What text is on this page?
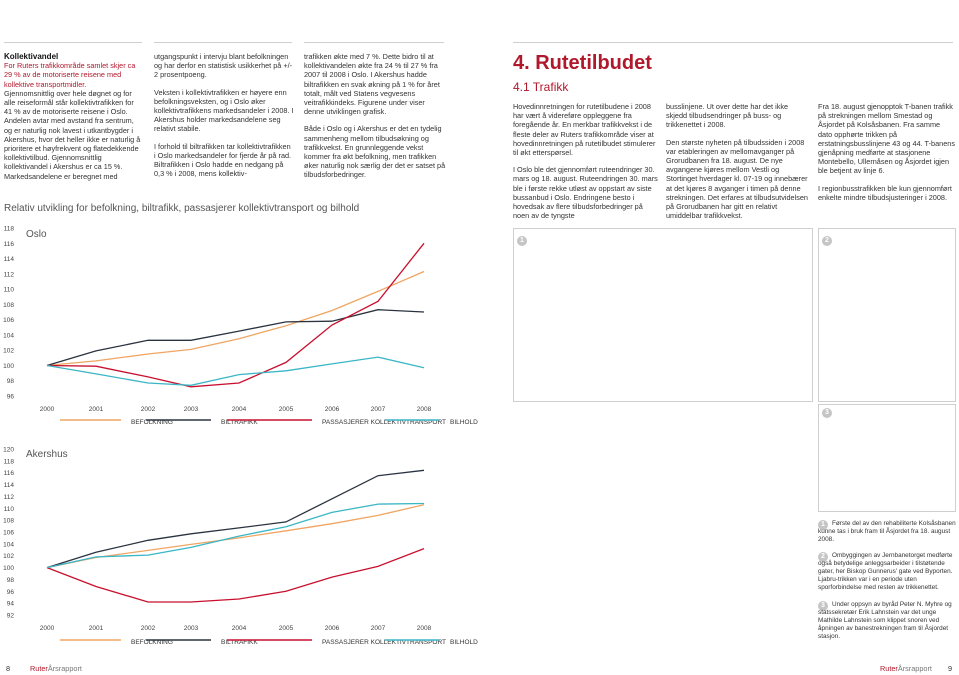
Kollektivandel
For Ruters trafikkområde samlet skjer ca 29 % av de motoriserte reisene med kollektive transportmidler.
Gjennomsnittlig over hele døgnet og for alle reiseformål står kollektivtrafikken for 41 % av de motoriserte reisene i Oslo. Andelen avtar med avstand fra sentrum, og er naturlig nok lavest i utkantbygder i Akershus, hvor det heller ikke er naturlig å prioritere et høyfrekvent og flatedekkende kollektivtilbud. Gjennomsnittlig kollektivandel i Akershus er ca 15 %. Markedsandelene er beregnet med

utgangspunkt i intervju blant befolkningen og har derfor en statistisk usikkerhet på +/- 2 prosentpoeng.

Veksten i kollektivtrafikken er høyere enn befolkningsveksten, og i Oslo øker kollektivtrafikkens markedsandeler i 2008. I Akershus holder markedsandelene seg relativt stabile.

I forhold til biltrafikken tar kollektivtrafikken i Oslo markedsandeler for fjerde år på rad. Biltrafikken i Oslo hadde en nedgang på 0,3 % i 2008, mens kollektiv-

trafikken økte med 7 %. Dette bidro til at kollektivandelen økte fra 24 % til 27 % fra 2007 til 2008 i Oslo. I Akershus hadde biltrafikken en svak økning på 1 % for året totalt, målt ved Statens vegvesens veitrafikkindeks. Figurene under viser denne utviklingen grafisk.

Både i Oslo og i Akershus er det en tydelig sammenheng mellom tilbudsøkning og trafikkvekst. En grunnleggende vekst kommer fra økt befolkning, men trafikken øker naturlig nok særlig der det er satset på tilbudsforbedringer.

4. Rutetilbudet
4.1 Trafikk

Hovedinnretningen for rutetilbudene i 2008 har vært å videreføre oppleggene fra foregående år. En merkbar trafikkvekst i de fleste deler av Ruters trafikkområde viser at hovedinnretningen på rutetilbudet stimulerer til økt etterspørsel.

I Oslo ble det gjennomført ruteendringer 30. mars og 18. august. Ruteendringen 30. mars ble i første rekke utløst av oppstart av siste bussanbud i Oslo. Endringene besto i hovedsak av flere tilbudsforbedringer på noen av de tyngste

busslinjene. Ut over dette har det ikke skjedd tilbudsendringer på buss- og trikkenettet i 2008.

Den største nyheten på tilbudssiden i 2008 var etableringen av mellomavganger på Grorudbanen fra 18. august. De nye avgangene kjøres mellom Vestli og Stortinget hverdager kl. 07-19 og innebærer at det kjøres 8 avganger i timen på denne strekningen. Det erfares at tilbudsutvidelsen på Grorudbanen har gitt en relativt umiddelbar trafikkvekst.

Fra 18. august gjenopptok T-banen trafikk på strekningen mellom Smestad og Åsjordet på Kolsåsbanen. Fra samme dato opphørte trikken på erstatningsbusslinjene 43 og 44. T-banens gjenåpning medførte at stasjonene Montebello, Ullernåsen og Åsjordet igjen ble betjent av linje 6.

I regionbusstrafikken ble kun gjennomført enkelte mindre tilbudsjusteringer i 2008.

Relativ utvikling for befolkning, biltrafikk, passasjerer kollektivtransport og bilhold
Oslo
96
98
100
102
104
106
108
110
112
114
116
118
2000	2001	2002	2003	2004	2005	2006	2007	2008
BEFOLKNING	BILTRAFIKK	PASSASJERER KOLLEKTIVTRANSPORT BILHOLD
Akershus
92
94
96
98
100
102
104
106
108
110
112
114
116
118
120
2000	2001	2002	2003	2004	2005	2006	2007	2008
BEFOLKNING	BILTRAFIKK	PASSASJERER KOLLEKTIVTRANSPORT BILHOLD
1	2
3
1	Første del av den rehabiliterte Kolsåsbanen kunne tas i bruk fram til Åsjordet fra 18. august 2008.
2	Ombyggingen av Jernbanetorget medførte også betydelige anleggsarbeider i tilstøtende gater, her Biskop Gunnerus' gate ved Byporten. Ljabru-trikken var i en periode uten sporforbindelse med resten av trikkenettet.
3	Under oppsyn av byråd Peter N. Myhre og statssekretær Erik Lahnstein var det unge Mathilde Lahnstein som klippet snoren ved åpningen av banestrekningen fram til Åsjordet stasjon.
8	RuterÅrsrapport	RuterÅrsrapport 9
